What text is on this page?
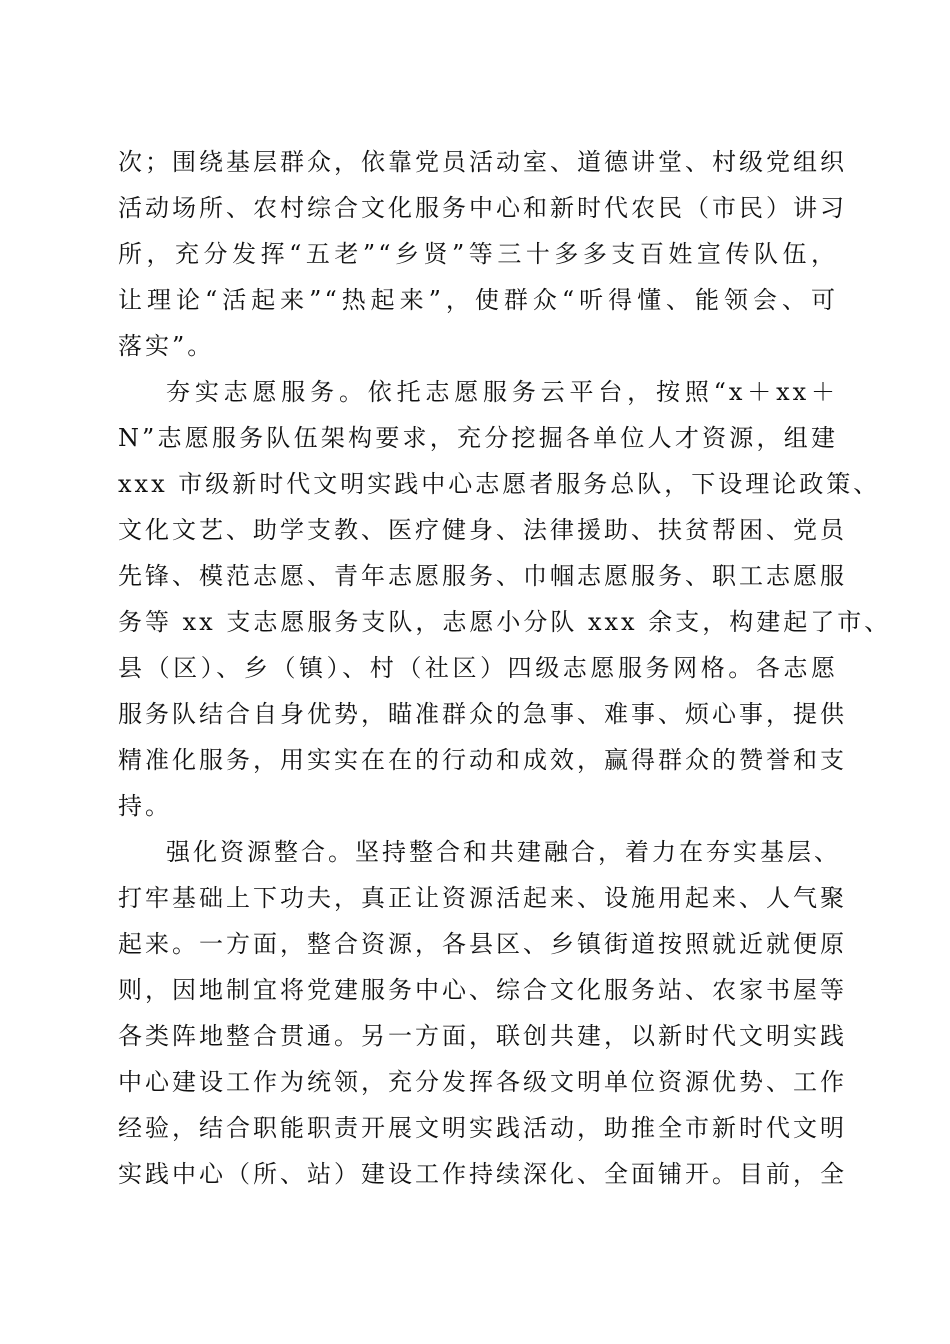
次；围绕基层群众，依靠党员活动室、道德讲堂、村级党组织
活动场所、农村综合文化服务中心和新时代农民（市民）讲习
所，充分发挥“五老”“乡贤”等三十多多支百姓宣传队伍，
让理论“活起来”“热起来”，使群众“听得懂、能领会、可
落实”。
夯实志愿服务。依托志愿服务云平台，按照“x＋xx＋
N”志愿服务队伍架构要求，充分挖掘各单位人才资源，组建
xxx 市级新时代文明实践中心志愿者服务总队，下设理论政策、
文化文艺、助学支教、医疗健身、法律援助、扶贫帮困、党员
先锋、模范志愿、青年志愿服务、巾帼志愿服务、职工志愿服
务等 xx 支志愿服务支队，志愿小分队 xxx 余支，构建起了市、
县（区）、乡（镇）、村（社区）四级志愿服务网格。各志愿
服务队结合自身优势，瞄准群众的急事、难事、烦心事，提供
精准化服务，用实实在在的行动和成效，赢得群众的赞誉和支
持。
强化资源整合。坚持整合和共建融合，着力在夯实基层、
打牢基础上下功夫，真正让资源活起来、设施用起来、人气聚
起来。一方面，整合资源，各县区、乡镇街道按照就近就便原
则，因地制宜将党建服务中心、综合文化服务站、农家书屋等
各类阵地整合贯通。另一方面，联创共建，以新时代文明实践
中心建设工作为统领，充分发挥各级文明单位资源优势、工作
经验，结合职能职责开展文明实践活动，助推全市新时代文明
实践中心（所、站）建设工作持续深化、全面铺开。目前，全
